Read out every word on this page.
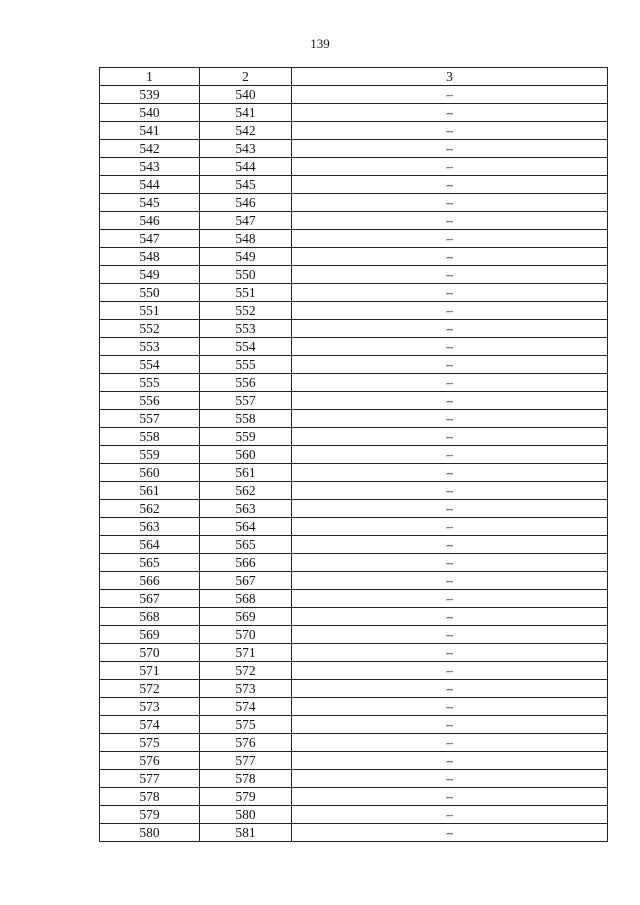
139
1	2	3
539	540	–
540	541	–
541	542	–
542	543	–
543	544	–
544	545	–
545	546	–
546	547	–
547	548	–
548	549	–
549	550	–
550	551	–
551	552	–
552	553	–
553	554	–
554	555	–
555	556	–
556	557	–
557	558	–
558	559	–
559	560	–
560	561	–
561	562	–
562	563	–
563	564	–
564	565	–
565	566	–
566	567	–
567	568	–
568	569	–
569	570	–
570	571	–
571	572	–
572	573	–
573	574	–
574	575	–
575	576	–
576	577	–
577	578	–
578	579	–
579	580	–
580	581	–
